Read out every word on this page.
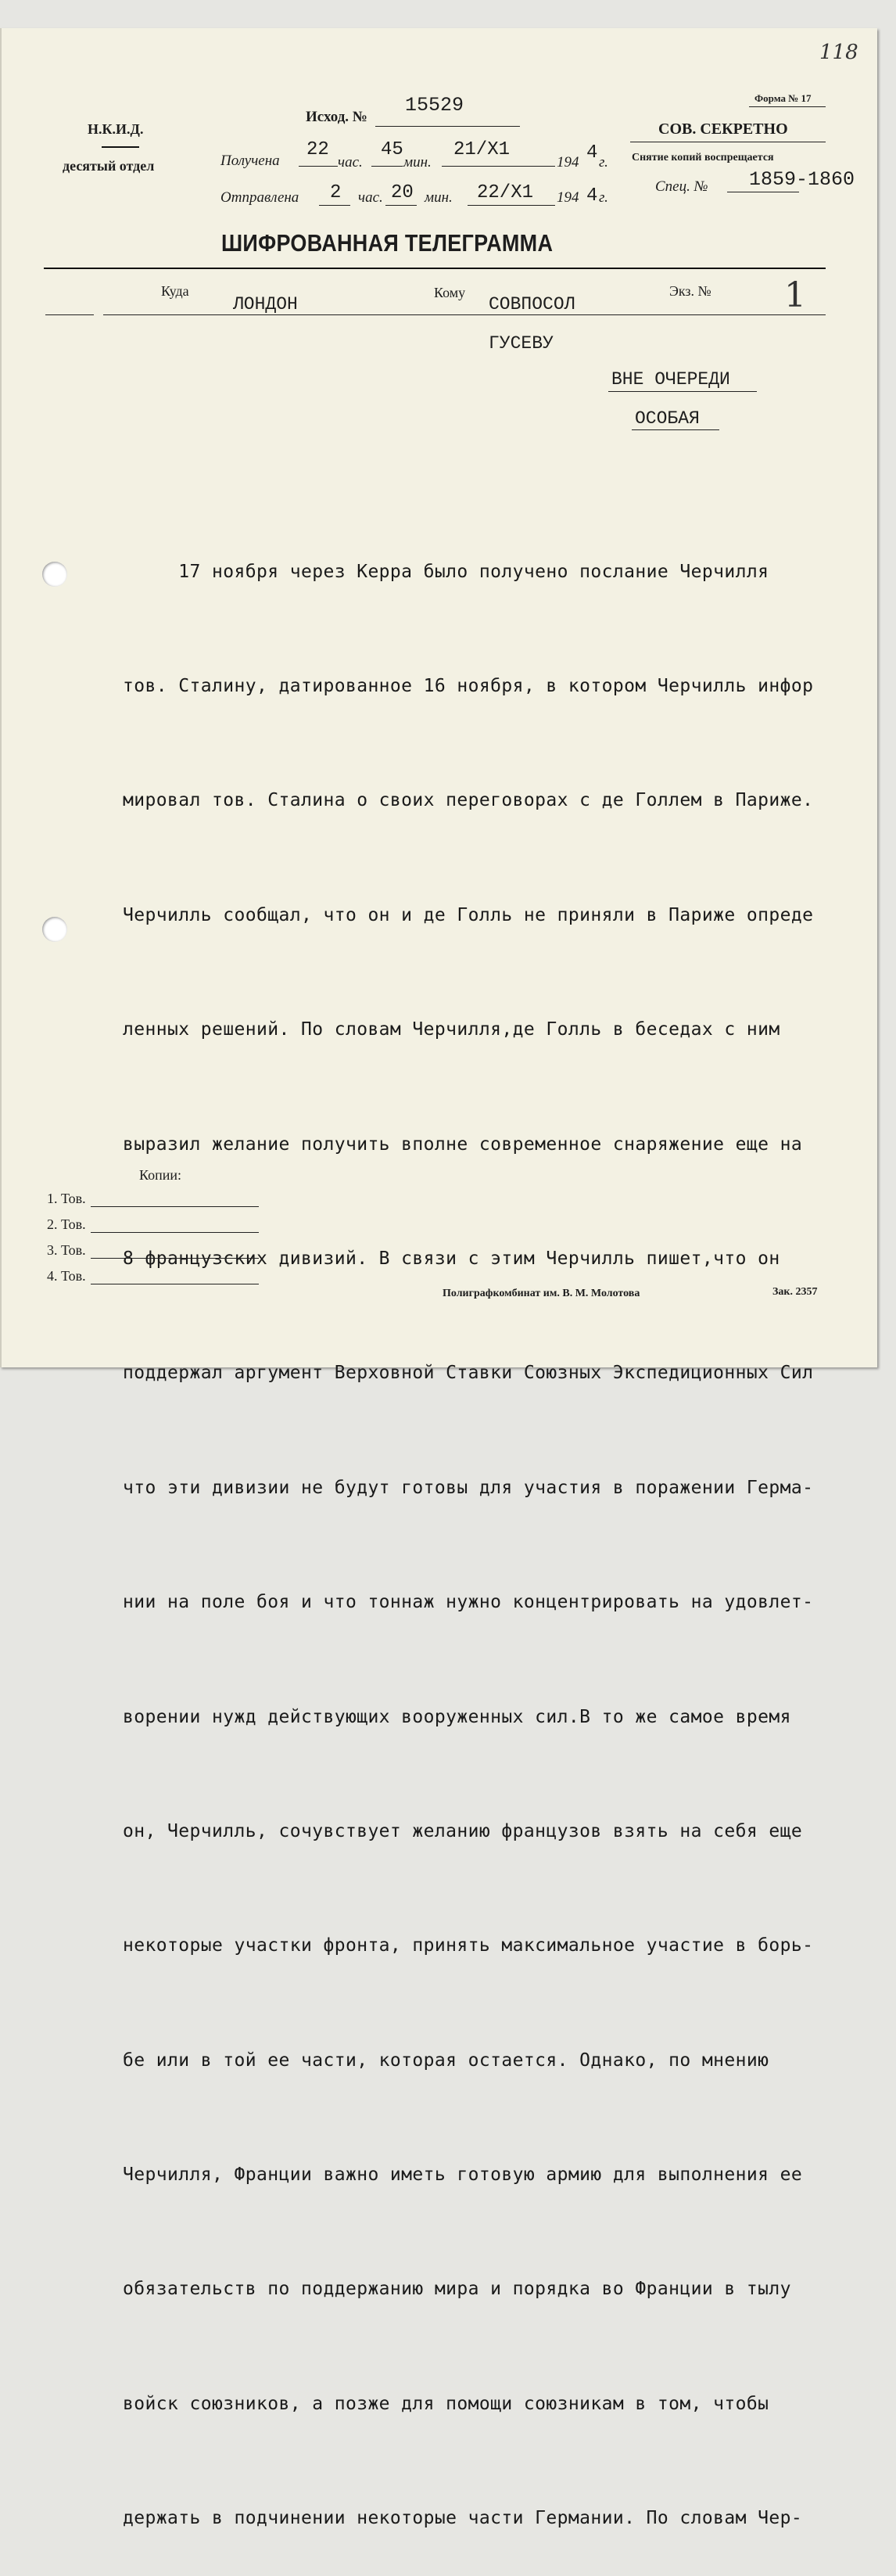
118
Форма № 17
Н.К.И.Д.
десятый отдел
Исход. №
15529
Получена
22
час.
45
мин.
21/X1
194 4 г.
Отправлена 2 час. 20 мин. 22/X1 194 4 г.
СОВ. СЕКРЕТНО
Снятие копий воспрещается
Спец. № 1859-1860
ШИФРОВАННАЯ ТЕЛЕГРАММА
Куда
ЛОНДОН
Кому
СОВПОСОЛ
Экз. № 1
ГУСЕВУ
ВНЕ ОЧЕРЕДИ
ОСОБАЯ

17 ноября через Керра было получено послание Черчилля

тов. Сталину, датированное 16 ноября, в котором Черчилль инфор

мировал тов. Сталина о своих переговорах с де Голлем в Париже.

Черчилль сообщал, что он и де Голль не приняли в Париже опреде

ленных решений. По словам Черчилля,де Голль в беседах с ним

выразил желание получить вполне современное снаряжение еще на

8 французских дивизий. В связи с этим Черчилль пишет,что он

поддержал аргумент Верховной Ставки Союзных Экспедиционных Сил

что эти дивизии не будут готовы для участия в поражении Герма-

нии на поле боя и что тоннаж нужно концентрировать на удовлет-

ворении нужд действующих вооруженных сил.В то же самое время

он, Черчилль, сочувствует желанию французов взять на себя еще

некоторые участки фронта, принять максимальное участие в борь-

бе или в той ее части, которая остается. Однако, по мнению

Черчилля, Франции важно иметь готовую армию для выполнения ее

обязательств по поддержанию мира и порядка во Франции в тылу

войск союзников, а позже для помощи союзникам в том, чтобы

держать в подчинении некоторые части Германии. По словам Чер-

Копии:
1. Тов.
2. Тов.
3. Тов.
4. Тов.
Полиграфкомбинат им. В. М. Молотова	Зак. 2357
